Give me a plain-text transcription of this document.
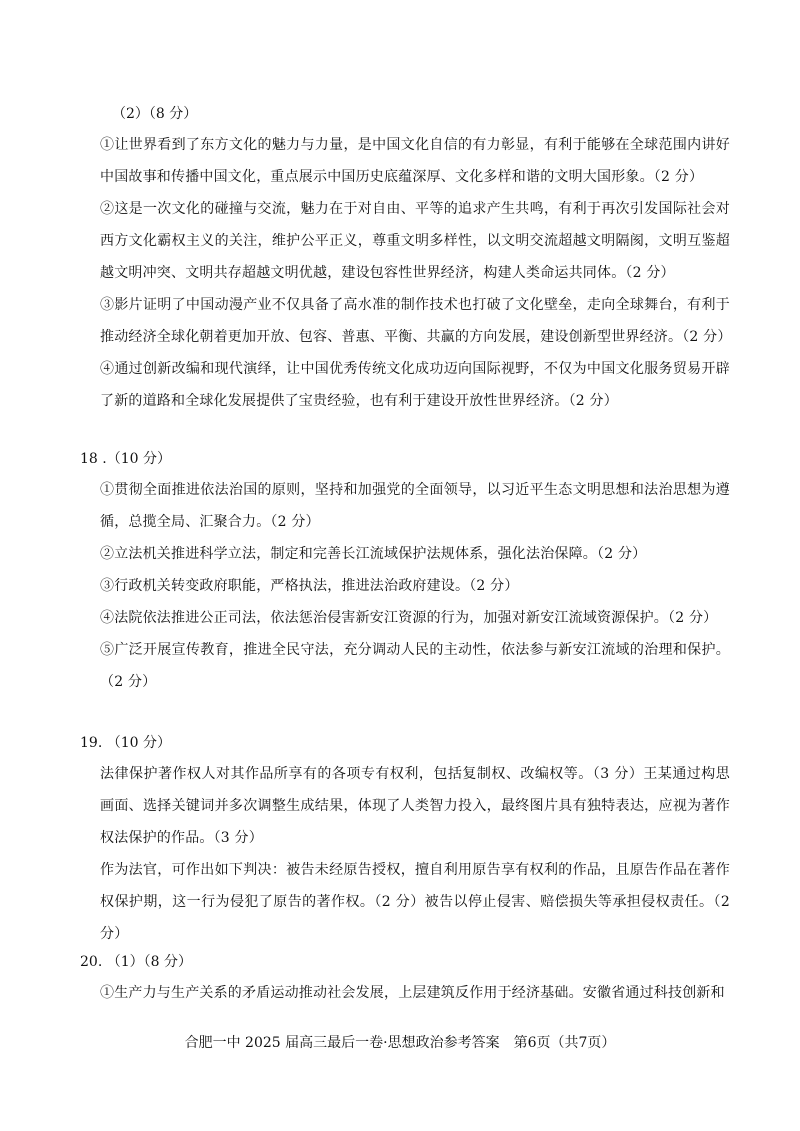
（2）（8 分）
①让世界看到了东方文化的魅力与力量，是中国文化自信的有力彰显，有利于能够在全球范围内讲好中国故事和传播中国文化，重点展示中国历史底蕴深厚、文化多样和谐的文明大国形象。（2 分）
②这是一次文化的碰撞与交流，魅力在于对自由、平等的追求产生共鸣，有利于再次引发国际社会对西方文化霸权主义的关注，维护公平正义，尊重文明多样性，以文明交流超越文明隔阂，文明互鉴超越文明冲突、文明共存超越文明优越，建设包容性世界经济，构建人类命运共同体。（2 分）
③影片证明了中国动漫产业不仅具备了高水准的制作技术也打破了文化壁垒，走向全球舞台，有利于推动经济全球化朝着更加开放、包容、普惠、平衡、共赢的方向发展，建设创新型世界经济。（2 分）
④通过创新改编和现代演绎，让中国优秀传统文化成功迈向国际视野，不仅为中国文化服务贸易开辟了新的道路和全球化发展提供了宝贵经验，也有利于建设开放性世界经济。（2 分）
18 .（10 分）
①贯彻全面推进依法治国的原则，坚持和加强党的全面领导，以习近平生态文明思想和法治思想为遵循，总揽全局、汇聚合力。（2 分）
②立法机关推进科学立法，制定和完善长江流域保护法规体系，强化法治保障。（2 分）
③行政机关转变政府职能，严格执法，推进法治政府建设。（2 分）
④法院依法推进公正司法，依法惩治侵害新安江资源的行为，加强对新安江流域资源保护。（2 分）
⑤广泛开展宣传教育，推进全民守法，充分调动人民的主动性，依法参与新安江流域的治理和保护。（2 分）
19. （10 分）
法律保护著作权人对其作品所享有的各项专有权利，包括复制权、改编权等。（3 分）王某通过构思画面、选择关键词并多次调整生成结果，体现了人类智力投入，最终图片具有独特表达，应视为著作权法保护的作品。（3 分）
作为法官，可作出如下判决：被告未经原告授权，擅自利用原告享有权利的作品，且原告作品在著作权保护期，这一行为侵犯了原告的著作权。（2 分）被告以停止侵害、赔偿损失等承担侵权责任。（2 分）
20. （1）（8 分）
①生产力与生产关系的矛盾运动推动社会发展，上层建筑反作用于经济基础。安徽省通过科技创新和
合肥一中 2025 届高三最后一卷·思想政治参考答案　第6页（共7页）
